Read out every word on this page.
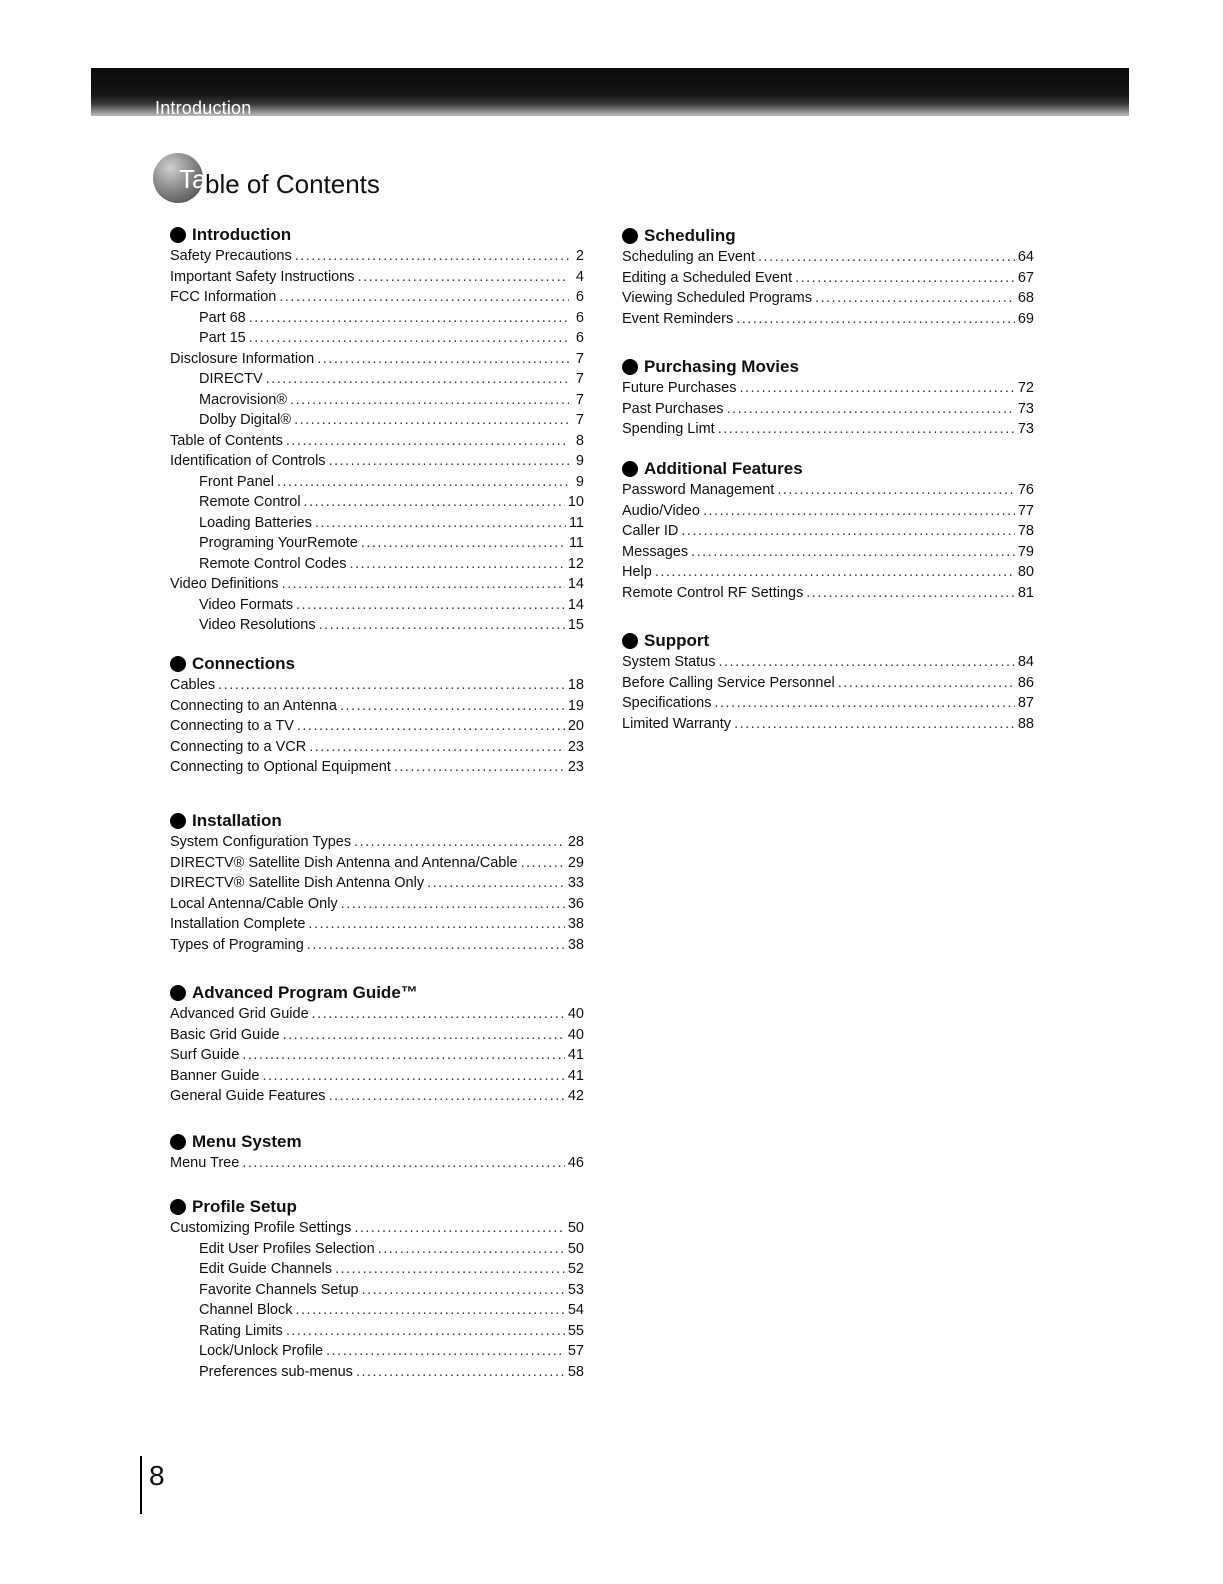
Introduction
Ta
ble of Contents
Introduction
Safety Precautions .....	2
Important Safety Instructions .....	4
FCC Information .....	6
Part 68 .....	6
Part 15 .....	6
Disclosure Information .....	7
DIRECTV .....	7
Macrovision® .....	7
Dolby Digital® .....	7
Table of Contents .....	8
Identification of Controls .....	9
Front Panel .....	9
Remote Control .....	10
Loading Batteries .....	11
Programing YourRemote .....	11
Remote Control Codes .....	12
Video Definitions .....	14
Video Formats .....	14
Video Resolutions .....	15
Connections
Cables .....	18
Connecting to an Antenna .....	19
Connecting to a TV .....	20
Connecting to a VCR .....	23
Connecting to Optional Equipment .....	23
Installation
System Configuration Types .....	28
DIRECTV® Satellite Dish Antenna and Antenna/Cable .....	29
DIRECTV® Satellite Dish Antenna Only .....	33
Local Antenna/Cable Only .....	36
Installation Complete .....	38
Types of Programing .....	38
Advanced Program Guide™
Advanced Grid Guide .....	40
Basic Grid Guide .....	40
Surf Guide .....	41
Banner Guide .....	41
General Guide Features .....	42
Menu System
Menu Tree .....	46
Profile Setup
Customizing Profile Settings .....	50
Edit User Profiles Selection .....	50
Edit Guide Channels .....	52
Favorite Channels Setup .....	53
Channel Block .....	54
Rating Limits .....	55
Lock/Unlock Profile .....	57
Preferences sub-menus .....	58
Scheduling
Scheduling an Event .....	64
Editing a Scheduled Event .....	67
Viewing Scheduled Programs .....	68
Event Reminders .....	69
Purchasing Movies
Future Purchases .....	72
Past Purchases .....	73
Spending Limt .....	73
Additional Features
Password Management .....	76
Audio/Video .....	77
Caller ID .....	78
Messages .....	79
Help .....	80
Remote Control RF Settings .....	81
Support
System Status .....	84
Before Calling Service Personnel .....	86
Specifications .....	87
Limited Warranty .....	88
8
